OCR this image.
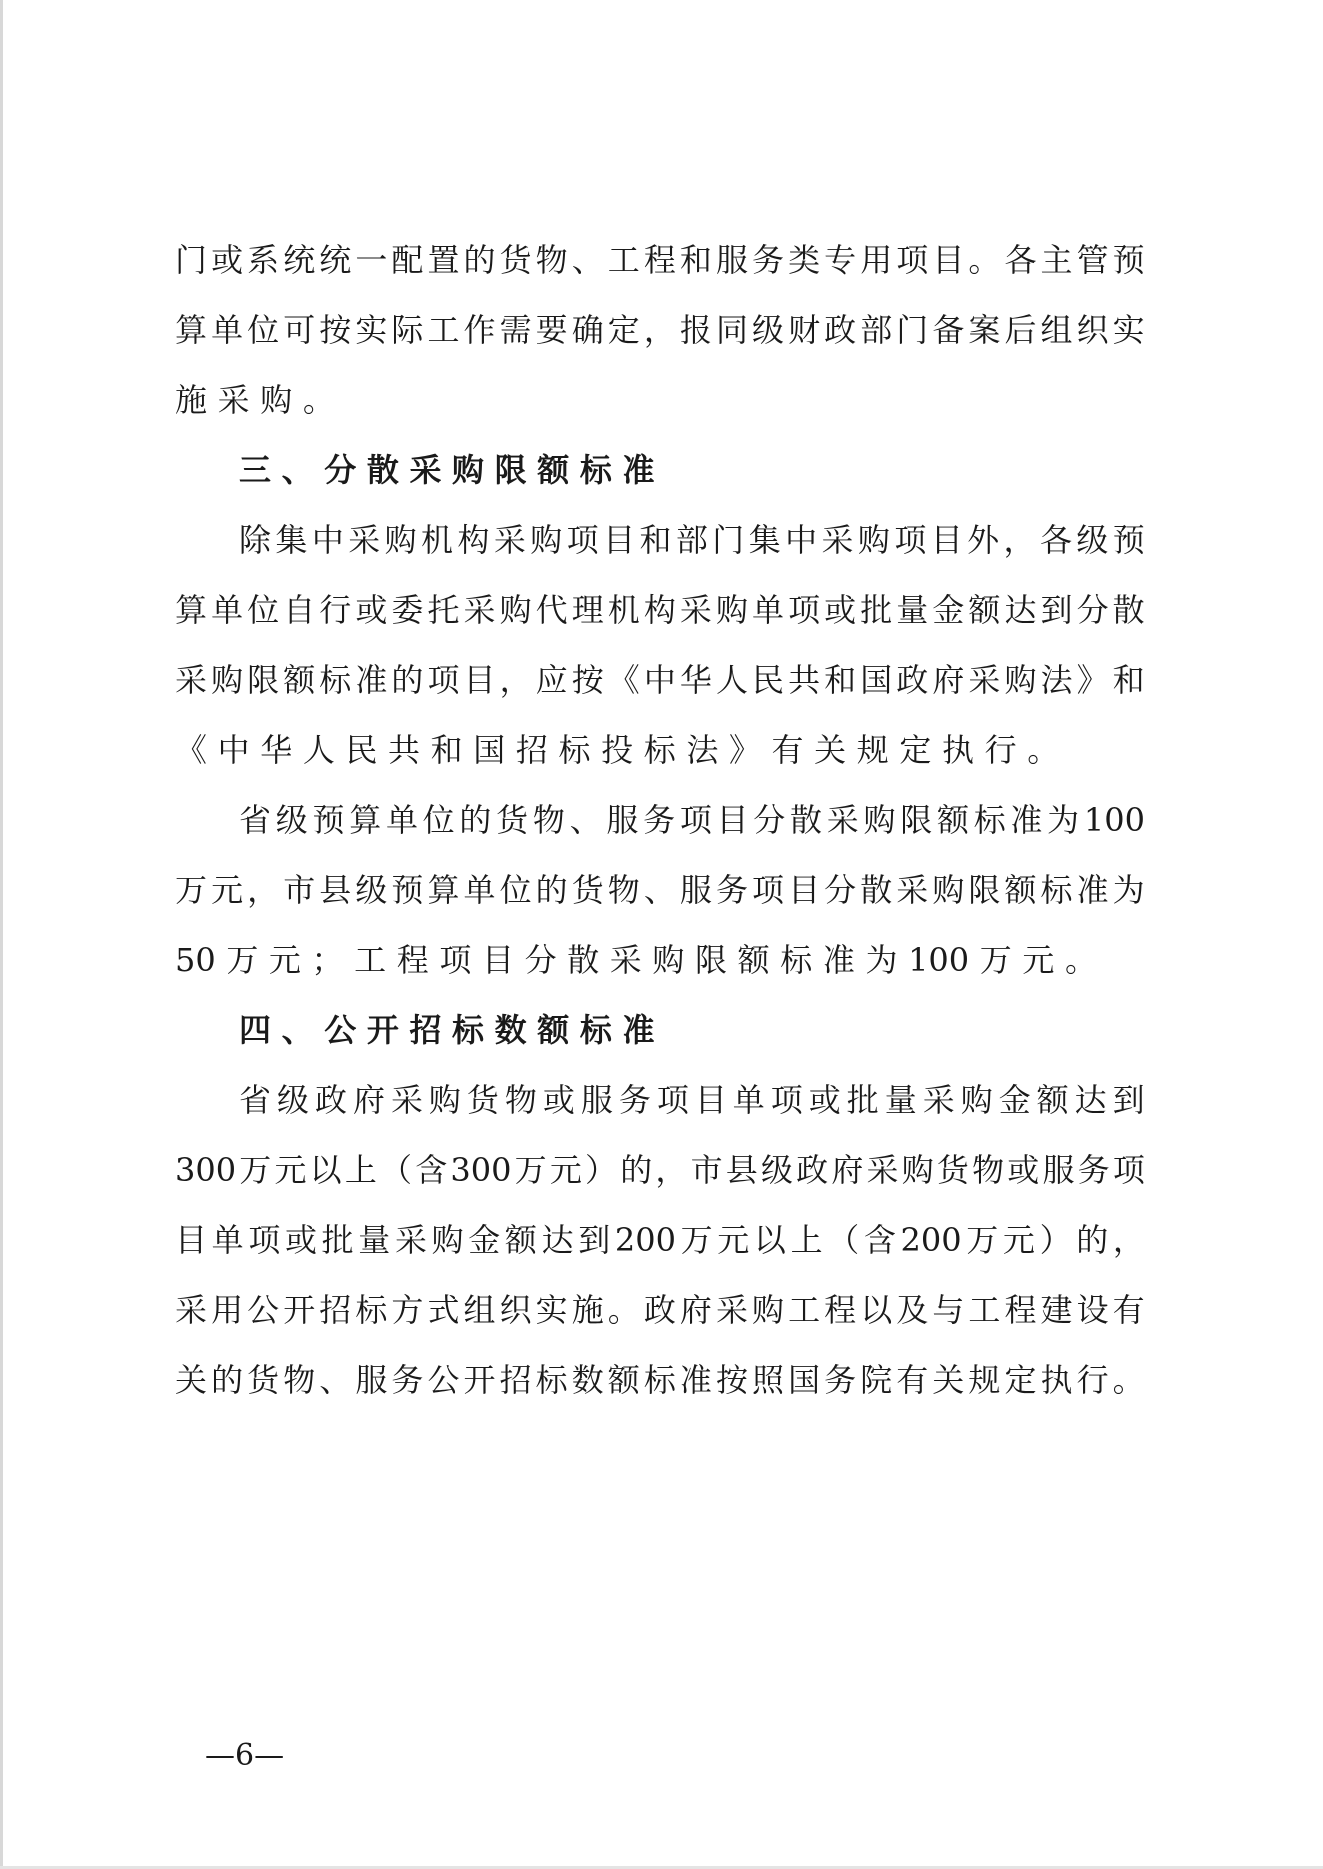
门 或 系 统 统 一 配 置 的 货 物 、 工 程 和 服 务 类 专 用 项 目 。 各 主 管 预
算 单 位 可 按 实 际 工 作 需 要 确 定 ， 报 同 级 财 政 部 门 备 案 后 组 织 实
施 采 购 。
三 、 分 散 采 购 限 额 标 准
除 集 中 采 购 机 构 采 购 项 目 和 部 门 集 中 采 购 项 目 外 ， 各 级 预
算 单 位 自 行 或 委 托 采 购 代 理 机 构 采 购 单 项 或 批 量 金 额 达 到 分 散
采 购 限 额 标 准 的 项 目 ， 应 按 《 中 华 人 民 共 和 国 政 府 采 购 法 》 和
《 中 华 人 民 共 和 国 招 标 投 标 法 》 有 关 规 定 执 行 。
省 级 预 算 单 位 的 货 物 、 服 务 项 目 分 散 采 购 限 额 标 准 为 100
万 元 ， 市 县 级 预 算 单 位 的 货 物 、 服 务 项 目 分 散 采 购 限 额 标 准 为
50 万 元 ； 工 程 项 目 分 散 采 购 限 额 标 准 为 100 万 元 。
四 、 公 开 招 标 数 额 标 准
省 级 政 府 采 购 货 物 或 服 务 项 目 单 项 或 批 量 采 购 金 额 达 到
300 万 元 以 上 （ 含 300 万 元 ） 的 ， 市 县 级 政 府 采 购 货 物 或 服 务 项
目 单 项 或 批 量 采 购 金 额 达 到 200 万 元 以 上 （ 含 200 万 元 ） 的 ，
采 用 公 开 招 标 方 式 组 织 实 施 。 政 府 采 购 工 程 以 及 与 工 程 建 设 有
关 的 货 物 、 服 务 公 开 招 标 数 额 标 准 按 照 国 务 院 有 关 规 定 执 行 。
—6—
